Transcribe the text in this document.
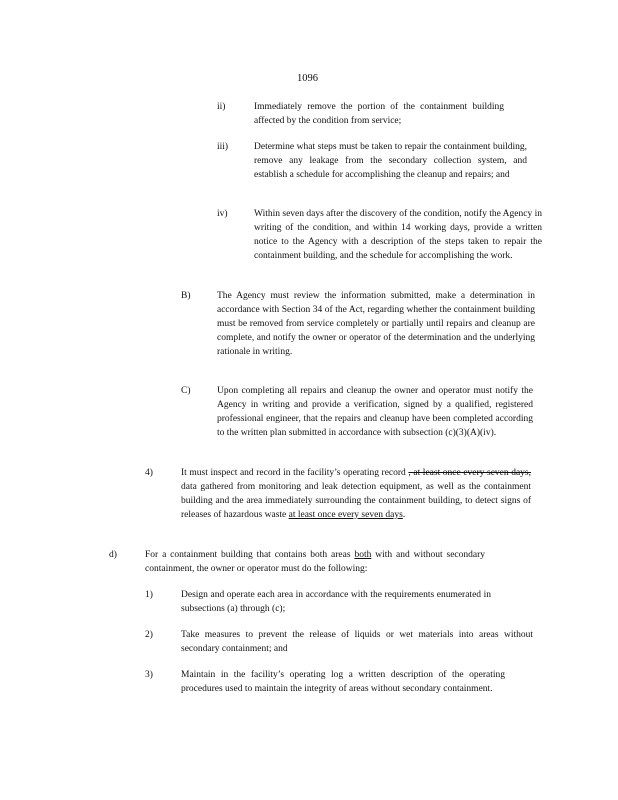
1096
ii)	Immediately remove the portion of the containment building affected by the condition from service;

iii)	Determine what steps must be taken to repair the containment building, remove any leakage from the secondary collection system, and establish a schedule for accomplishing the cleanup and repairs; and

iv)	Within seven days after the discovery of the condition, notify the Agency in writing of the condition, and within 14 working days, provide a written notice to the Agency with a description of the steps taken to repair the containment building, and the schedule for accomplishing the work.

B)	The Agency must review the information submitted, make a determination in accordance with Section 34 of the Act, regarding whether the containment building must be removed from service completely or partially until repairs and cleanup are complete, and notify the owner or operator of the determination and the underlying rationale in writing.

C)	Upon completing all repairs and cleanup the owner and operator must notify the Agency in writing and provide a verification, signed by a qualified, registered professional engineer, that the repairs and cleanup have been completed according to the written plan submitted in accordance with subsection (c)(3)(A)(iv).

4)	It must inspect and record in the facility’s operating record , at least once every seven days, data gathered from monitoring and leak detection equipment, as well as the containment building and the area immediately surrounding the containment building, to detect signs of releases of hazardous waste at least once every seven days.

d)	For a containment building that contains both areas both with and without secondary containment, the owner or operator must do the following:

1)	Design and operate each area in accordance with the requirements enumerated in subsections (a) through (c);

2)	Take measures to prevent the release of liquids or wet materials into areas without secondary containment; and

3)	Maintain in the facility’s operating log a written description of the operating procedures used to maintain the integrity of areas without secondary containment.
